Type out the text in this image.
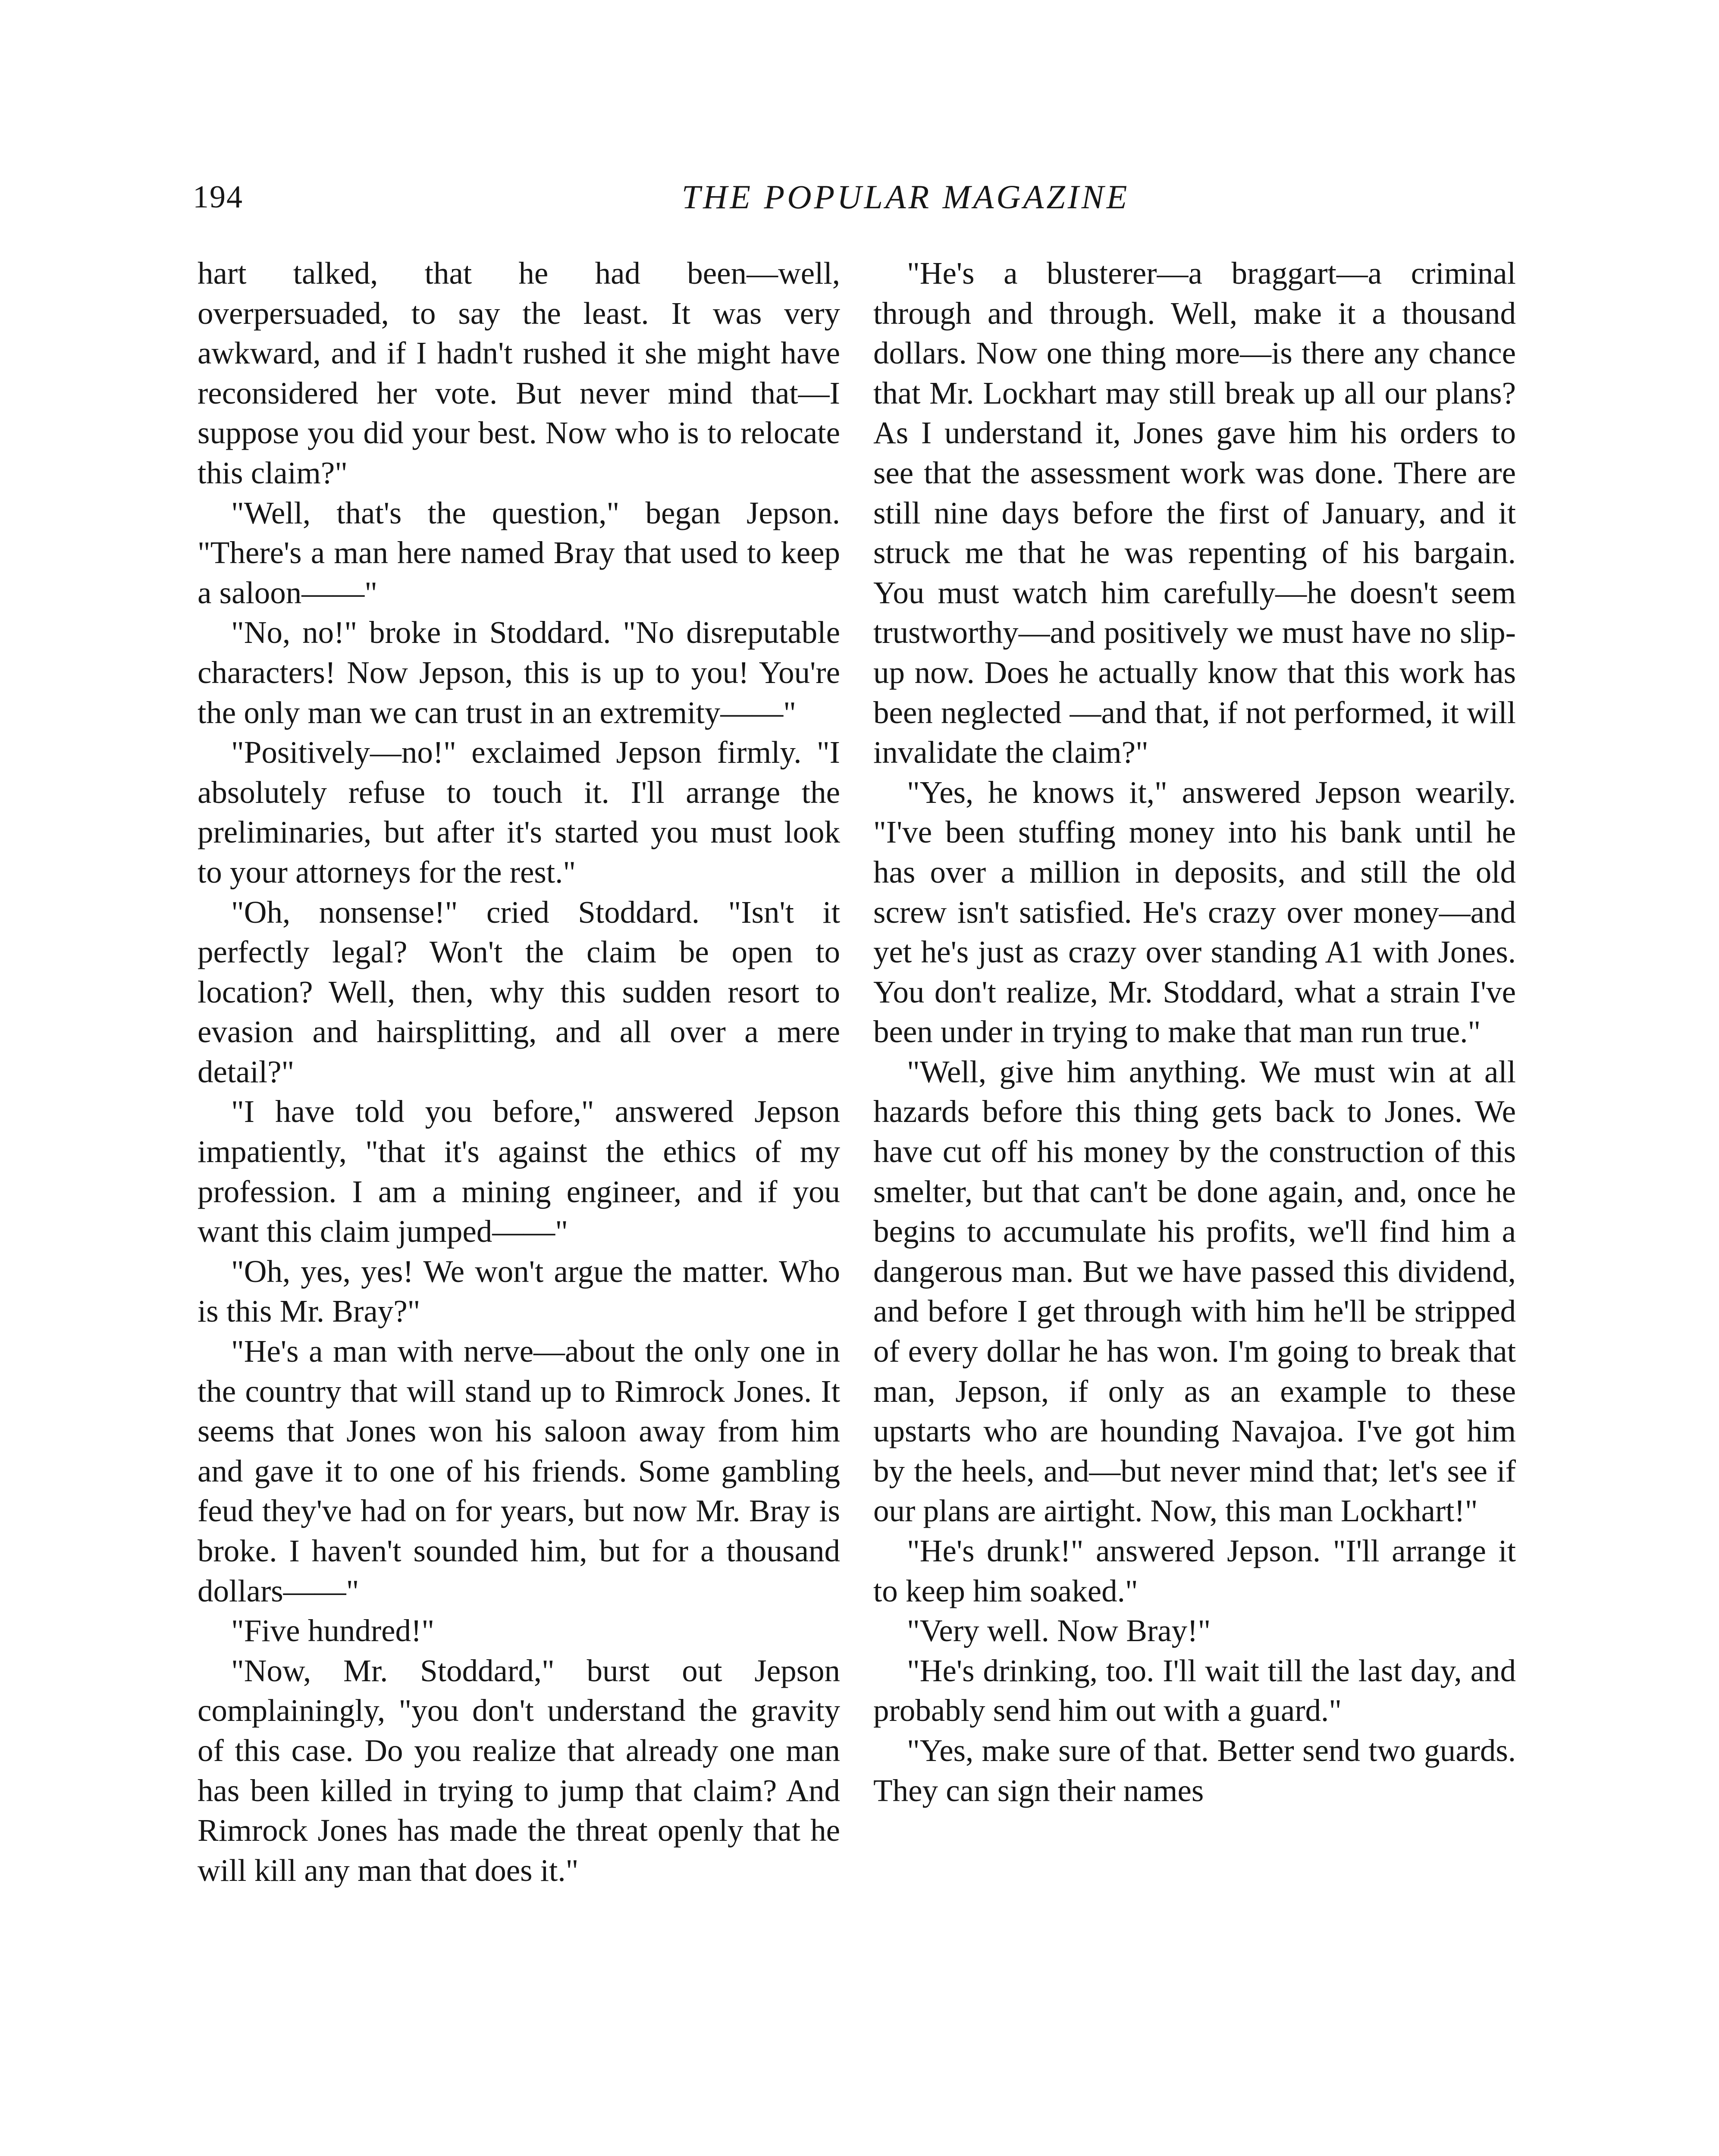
194	THE POPULAR MAGAZINE

hart talked, that he had been—well, overpersuaded, to say the least. It was very awkward, and if I hadn't rushed it she might have reconsidered her vote. But never mind that—I suppose you did your best. Now who is to relocate this claim?"

"Well, that's the question," began Jepson. "There's a man here named Bray that used to keep a saloon——"

"No, no!" broke in Stoddard. "No disreputable characters! Now Jepson, this is up to you! You're the only man we can trust in an extremity——"

"Positively—no!" exclaimed Jepson firmly. "I absolutely refuse to touch it. I'll arrange the preliminaries, but after it's started you must look to your attorneys for the rest."

"Oh, nonsense!" cried Stoddard. "Isn't it perfectly legal? Won't the claim be open to location? Well, then, why this sudden resort to evasion and hairsplitting, and all over a mere detail?"

"I have told you before," answered Jepson impatiently, "that it's against the ethics of my profession. I am a mining engineer, and if you want this claim jumped——"

"Oh, yes, yes! We won't argue the matter. Who is this Mr. Bray?"

"He's a man with nerve—about the only one in the country that will stand up to Rimrock Jones. It seems that Jones won his saloon away from him and gave it to one of his friends. Some gambling feud they've had on for years, but now Mr. Bray is broke. I haven't sounded him, but for a thousand dollars——"

"Five hundred!"

"Now, Mr. Stoddard," burst out Jepson complainingly, "you don't understand the gravity of this case. Do you realize that already one man has been killed in trying to jump that claim? And Rimrock Jones has made the threat openly that he will kill any man that does it."

"He's a blusterer—a braggart—a criminal through and through. Well, make it a thousand dollars. Now one thing more—is there any chance that Mr. Lockhart may still break up all our plans? As I understand it, Jones gave him his orders to see that the assessment work was done. There are still nine days before the first of January, and it struck me that he was repenting of his bargain. You must watch him carefully—he doesn't seem trustworthy—and positively we must have no slip-up now. Does he actually know that this work has been neglected —and that, if not performed, it will invalidate the claim?"

"Yes, he knows it," answered Jepson wearily. "I've been stuffing money into his bank until he has over a million in deposits, and still the old screw isn't satisfied. He's crazy over money—and yet he's just as crazy over standing A1 with Jones. You don't realize, Mr. Stoddard, what a strain I've been under in trying to make that man run true."

"Well, give him anything. We must win at all hazards before this thing gets back to Jones. We have cut off his money by the construction of this smelter, but that can't be done again, and, once he begins to accumulate his profits, we'll find him a dangerous man. But we have passed this dividend, and before I get through with him he'll be stripped of every dollar he has won. I'm going to break that man, Jepson, if only as an example to these upstarts who are hounding Navajoa. I've got him by the heels, and—but never mind that; let's see if our plans are airtight. Now, this man Lockhart!"

"He's drunk!" answered Jepson. "I'll arrange it to keep him soaked."

"Very well. Now Bray!"

"He's drinking, too. I'll wait till the last day, and probably send him out with a guard."

"Yes, make sure of that. Better send two guards. They can sign their names
